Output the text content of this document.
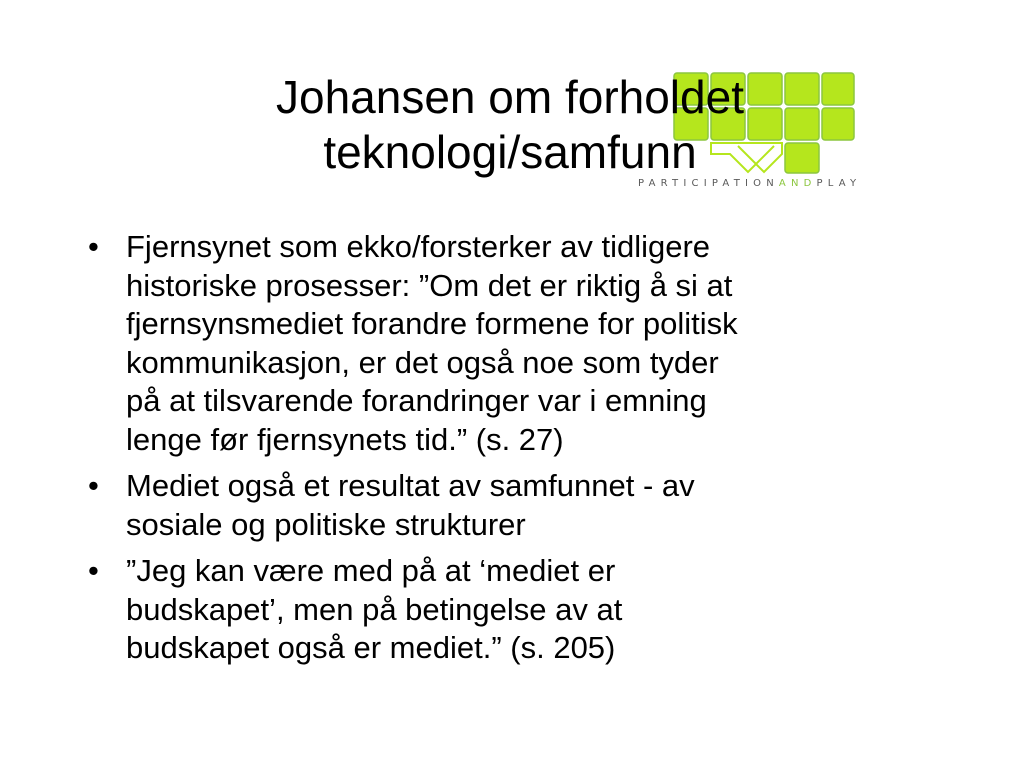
PARTICIPATIONANDPLAY
Johansen om forholdet
teknologi/samfunn
• Fjernsynet som ekko/forsterker av tidligere
historiske prosesser: ”Om det er riktig å si at
fjernsynsmediet forandre formene for politisk
kommunikasjon, er det også noe som tyder
på at tilsvarende forandringer var i emning
lenge før fjernsynets tid.” (s. 27)
• Mediet også et resultat av samfunnet - av
sosiale og politiske strukturer
• ”Jeg kan være med på at ‘mediet er
budskapet’, men på betingelse av at
budskapet også er mediet.” (s. 205)
